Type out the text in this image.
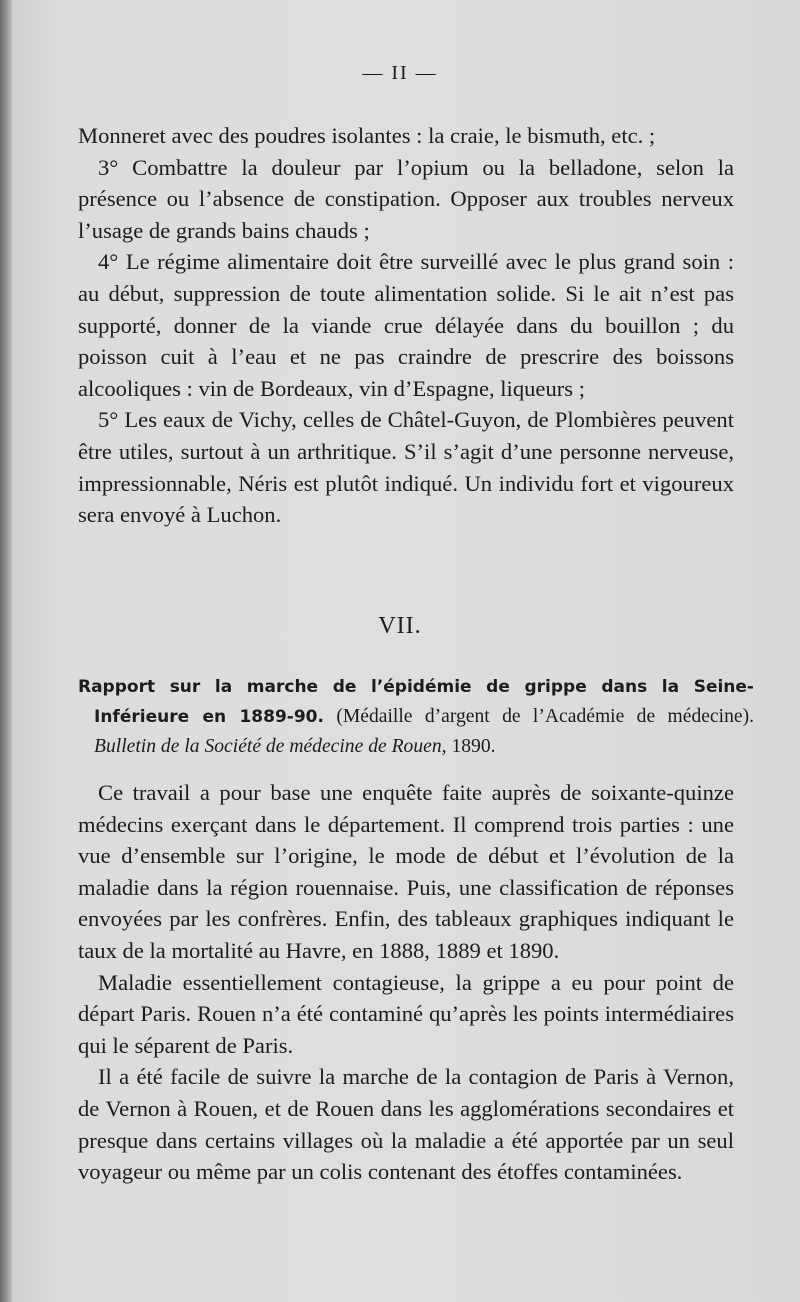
— II —

Monneret avec des poudres isolantes : la craie, le bismuth, etc. ;

3° Combattre la douleur par l’opium ou la belladone, selon la présence ou l’absence de constipation. Opposer aux troubles nerveux l’usage de grands bains chauds ;

4° Le régime alimentaire doit être surveillé avec le plus grand soin : au début, suppression de toute alimentation solide. Si le ait n’est pas supporté, donner de la viande crue délayée dans du bouillon ; du poisson cuit à l’eau et ne pas craindre de prescrire des boissons alcooliques : vin de Bordeaux, vin d’Espagne, liqueurs ;

5° Les eaux de Vichy, celles de Châtel-Guyon, de Plombières peuvent être utiles, surtout à un arthritique. S’il s’agit d’une personne nerveuse, impressionnable, Néris est plutôt indiqué. Un individu fort et vigoureux sera envoyé à Luchon.

VII.
Rapport sur la marche de l’épidémie de grippe dans la Seine-Inférieure en 1889-90. (Médaille d’argent de l’Académie de médecine). Bulletin de la Société de médecine de Rouen, 1890.

Ce travail a pour base une enquête faite auprès de soixante-quinze médecins exerçant dans le département. Il comprend trois parties : une vue d’ensemble sur l’origine, le mode de début et l’évolution de la maladie dans la région rouennaise. Puis, une classification de réponses envoyées par les confrères. Enfin, des tableaux graphiques indiquant le taux de la mortalité au Havre, en 1888, 1889 et 1890.

Maladie essentiellement contagieuse, la grippe a eu pour point de départ Paris. Rouen n’a été contaminé qu’après les points intermédiaires qui le séparent de Paris.

Il a été facile de suivre la marche de la contagion de Paris à Vernon, de Vernon à Rouen, et de Rouen dans les agglomérations secondaires et presque dans certains villages où la maladie a été apportée par un seul voyageur ou même par un colis contenant des étoffes contaminées.
